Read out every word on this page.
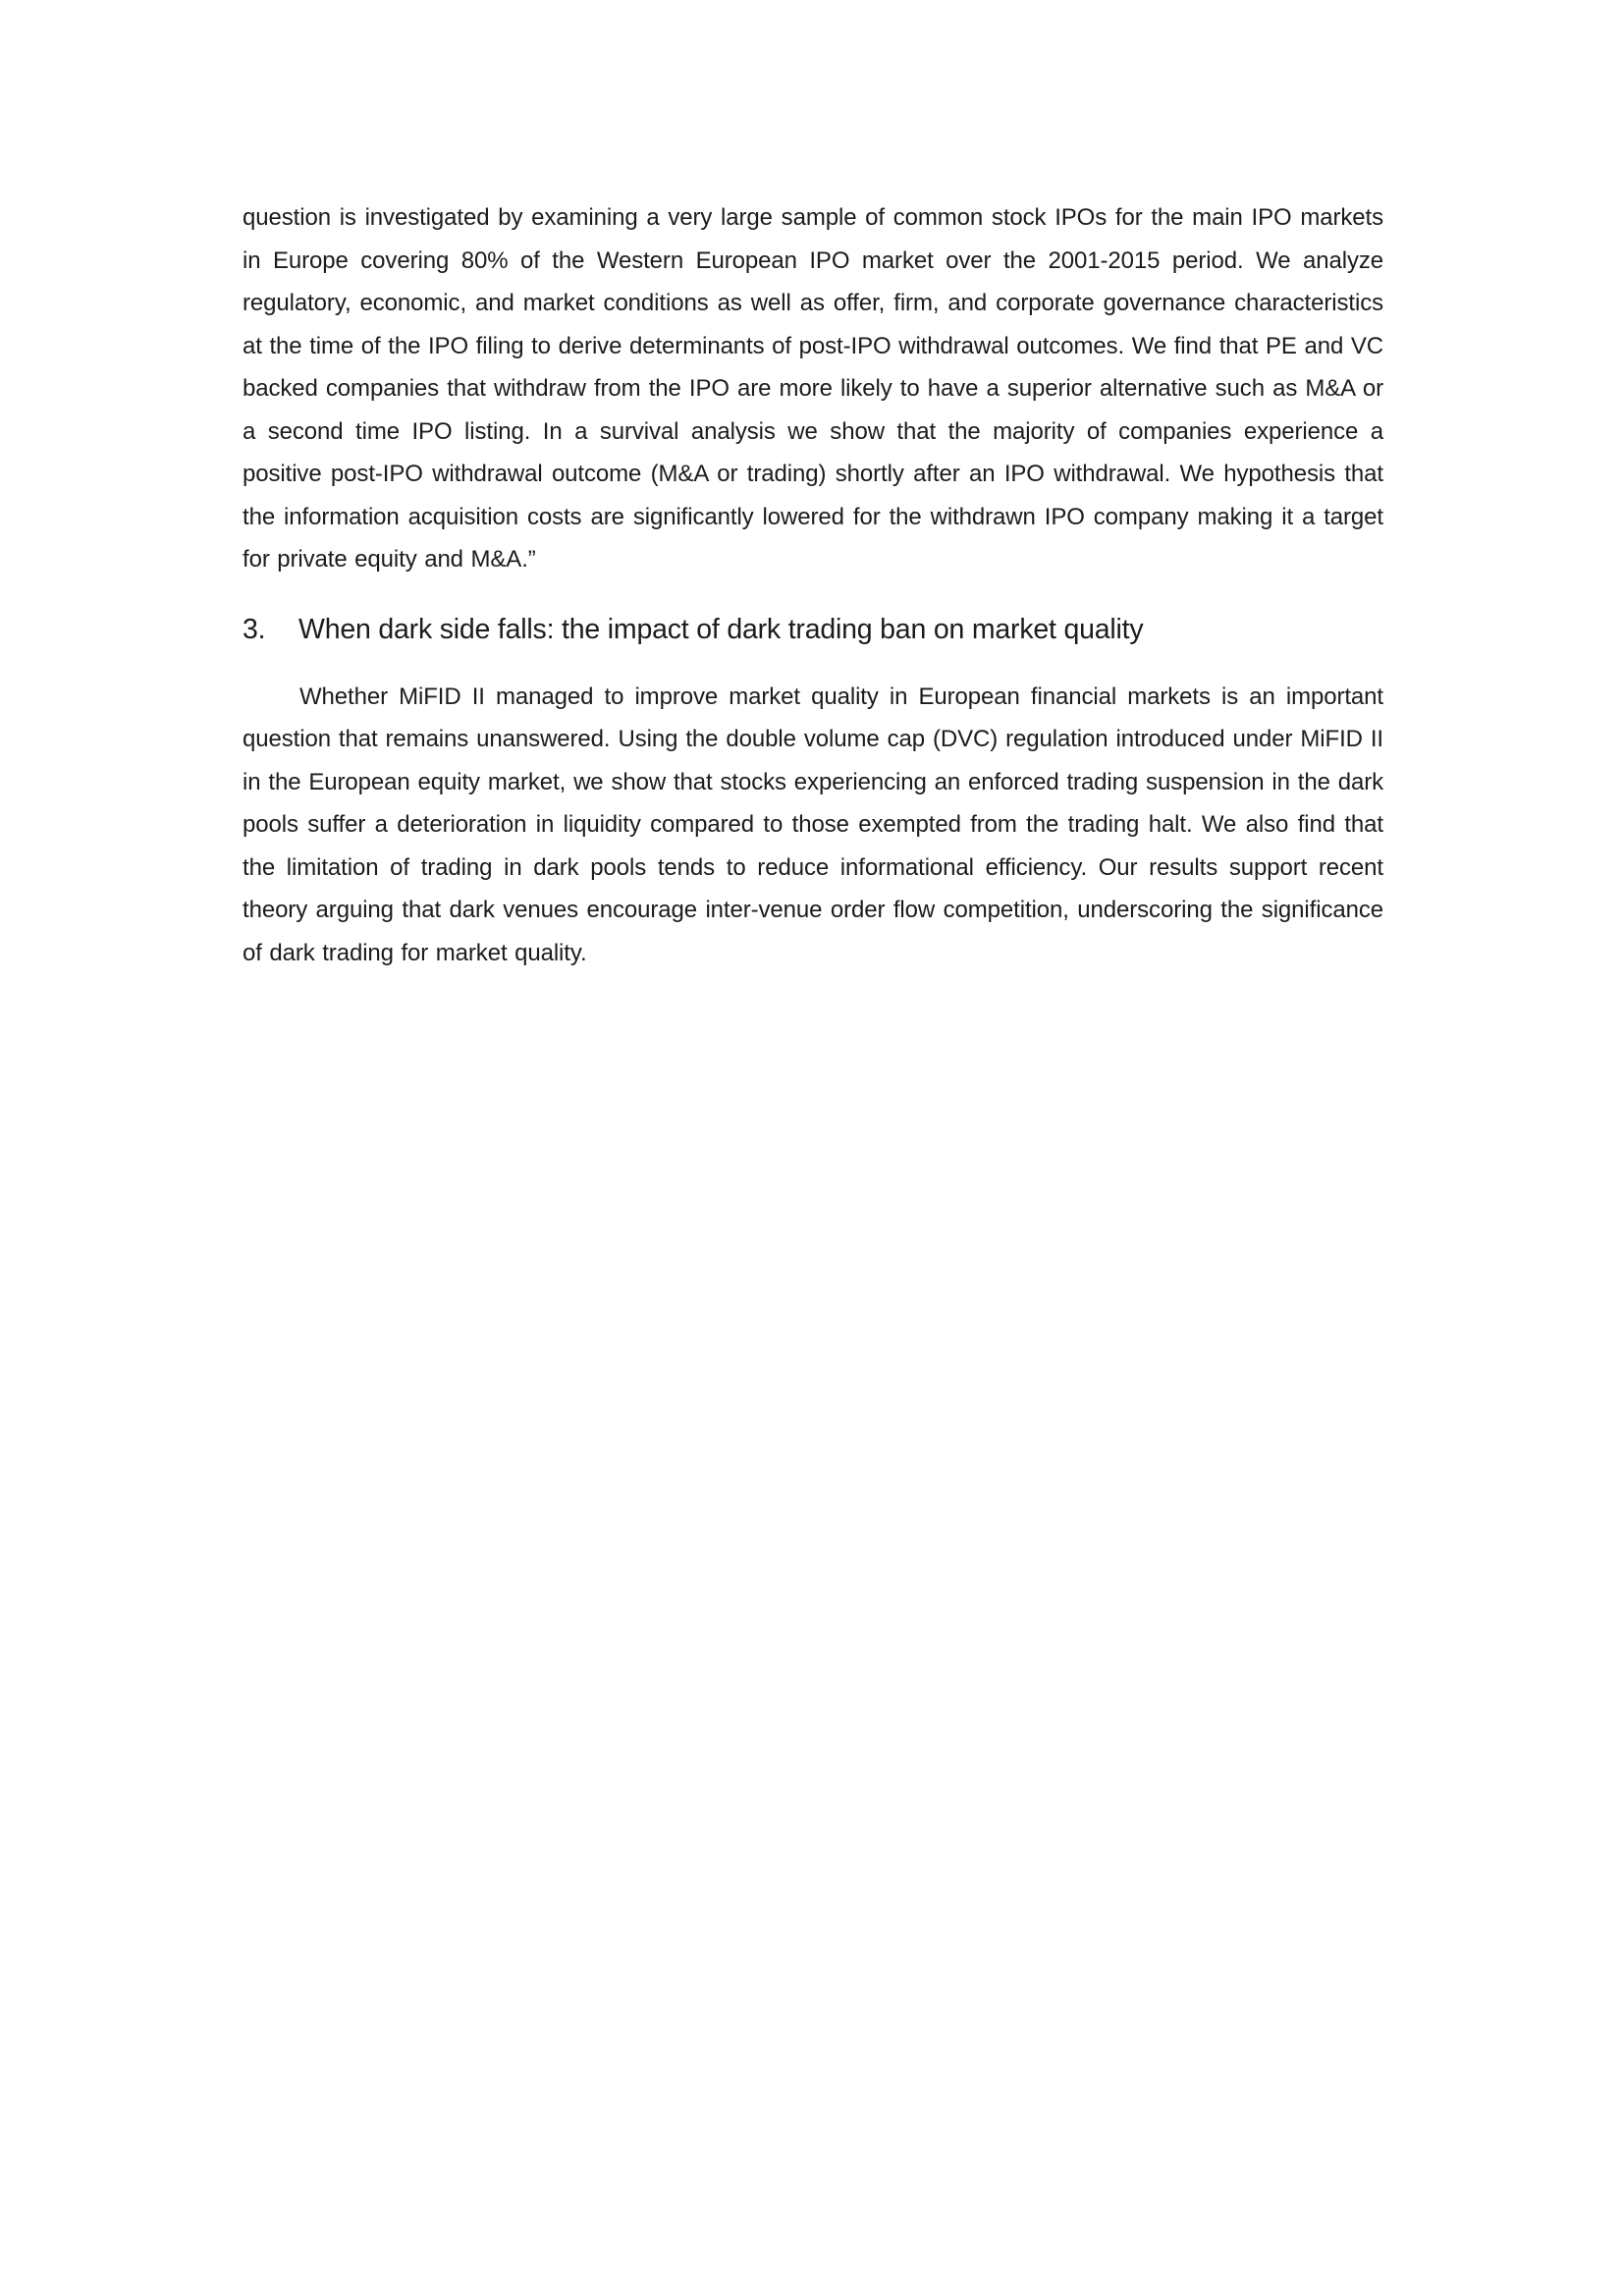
question is investigated by examining a very large sample of common stock IPOs for the main IPO markets in Europe covering 80% of the Western European IPO market over the 2001-2015 period. We analyze regulatory, economic, and market conditions as well as offer, firm, and corporate governance characteristics at the time of the IPO filing to derive determinants of post-IPO withdrawal outcomes. We find that PE and VC backed companies that withdraw from the IPO are more likely to have a superior alternative such as M&A or a second time IPO listing. In a survival analysis we show that the majority of companies experience a positive post-IPO withdrawal outcome (M&A or trading) shortly after an IPO withdrawal. We hypothesis that the information acquisition costs are significantly lowered for the withdrawn IPO company making it a target for private equity and M&A.”

3.	When dark side falls: the impact of dark trading ban on market quality

Whether MiFID II managed to improve market quality in European financial markets is an important question that remains unanswered. Using the double volume cap (DVC) regulation introduced under MiFID II in the European equity market, we show that stocks experiencing an enforced trading suspension in the dark pools suffer a deterioration in liquidity compared to those exempted from the trading halt. We also find that the limitation of trading in dark pools tends to reduce informational efficiency. Our results support recent theory arguing that dark venues encourage inter-venue order flow competition, underscoring the significance of dark trading for market quality.
